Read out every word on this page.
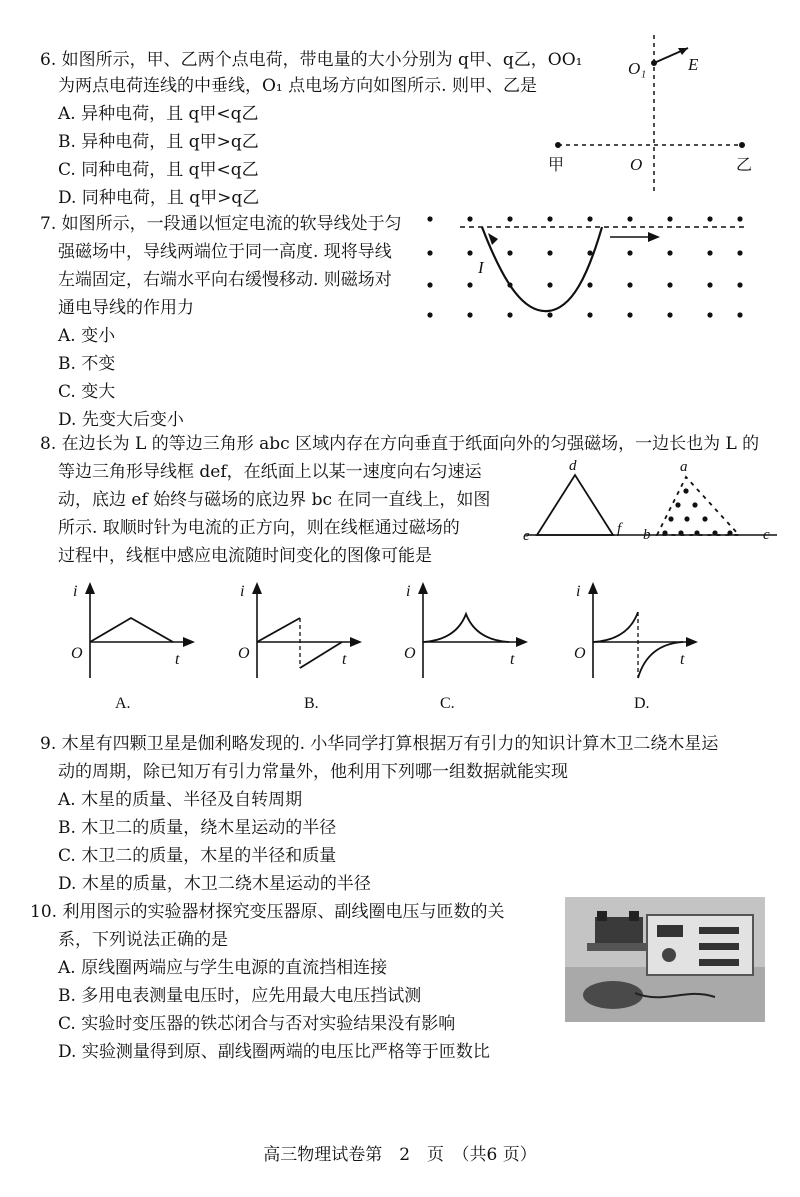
6. 如图所示，甲、乙两个点电荷，带电量的大小分别为 q甲、q乙，OO₁
为两点电荷连线的中垂线，O₁ 点电场方向如图所示. 则甲、乙是
A. 异种电荷，且 q甲<q乙
B. 异种电荷，且 q甲>q乙
C. 同种电荷，且 q甲<q乙
D. 同种电荷，且 q甲>q乙
O₁ E
甲	O	乙
7. 如图所示，一段通以恒定电流的软导线处于匀
强磁场中，导线两端位于同一高度. 现将导线
左端固定，右端水平向右缓慢移动. 则磁场对
通电导线的作用力
A. 变小
B. 不变
C. 变大
D. 先变大后变小
I
8. 在边长为 L 的等边三角形 abc 区域内存在方向垂直于纸面向外的匀强磁场，一边长也为 L 的
等边三角形导线框 def，在纸面上以某一速度向右匀速运
动，底边 ef 始终与磁场的底边界 bc 在同一直线上，如图
所示. 取顺时针为电流的正方向，则在线框通过磁场的
过程中，线框中感应电流随时间变化的图像可能是
d
e	f
a
b	c
i
O	t
A.
i
O	t
B.
i
O	t
C.
i
O	t
D.
9. 木星有四颗卫星是伽利略发现的. 小华同学打算根据万有引力的知识计算木卫二绕木星运
动的周期，除已知万有引力常量外，他利用下列哪一组数据就能实现
A. 木星的质量、半径及自转周期
B. 木卫二的质量，绕木星运动的半径
C. 木卫二的质量，木星的半径和质量
D. 木星的质量，木卫二绕木星运动的半径
10. 利用图示的实验器材探究变压器原、副线圈电压与匝数的关
系，下列说法正确的是
A. 原线圈两端应与学生电源的直流挡相连接
B. 多用电表测量电压时，应先用最大电压挡试测
C. 实验时变压器的铁芯闭合与否对实验结果没有影响
D. 实验测量得到原、副线圈两端的电压比严格等于匝数比
高三物理试卷第　2　页　（共6 页）
